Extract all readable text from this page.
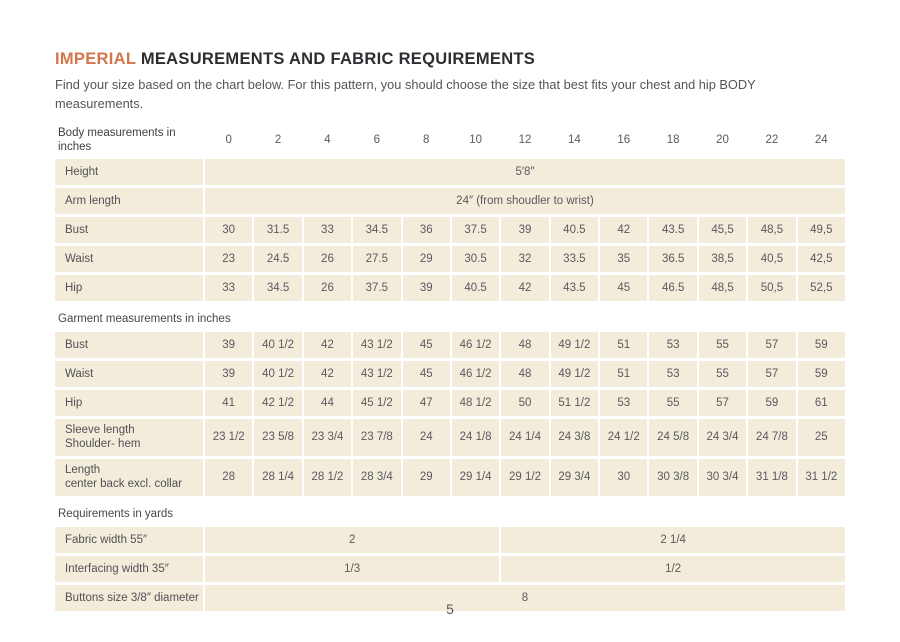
IMPERIAL MEASUREMENTS AND FABRIC REQUIREMENTS
Find your size based on the chart below. For this pattern, you should choose the size that best fits your chest and hip BODY
measurements.
Body measurements in inches
0	2	4	6	8	10	12	14	16	18	20	22	24
Height	5′8″
Arm length	24″ (from shoudler to wrist)
Bust	30	31.5	33	34.5	36	37.5	39	40.5	42	43.5	45,5	48,5	49,5
Waist	23	24.5	26	27.5	29	30.5	32	33.5	35	36.5	38,5	40,5	42,5
Hip	33	34.5	26	37.5	39	40.5	42	43.5	45	46.5	48,5	50,5	52,5
Garment measurements in inches
Bust	39	40 1/2	42	43 1/2	45	46 1/2	48	49 1/2	51	53	55	57	59
Waist	39	40 1/2	42	43 1/2	45	46 1/2	48	49 1/2	51	53	55	57	59
Hip	41	42 1/2	44	45 1/2	47	48 1/2	50	51 1/2	53	55	57	59	61
Sleeve length
Shoulder- hem
23 1/2	23 5/8	23 3/4	23 7/8	24	24 1/8	24 1/4	24 3/8	24 1/2	24 5/8	24 3/4	24 7/8	25
Length
center back excl. collar
28	28 1/4	28 1/2	28 3/4	29	29 1/4	29 1/2	29 3/4	30	30 3/8	30 3/4	31 1/8	31 1/2
Requirements in yards
Fabric width 55″	2	2 1/4
Interfacing width 35″	1/3	1/2
Buttons size 3/8″ diameter	8
5
